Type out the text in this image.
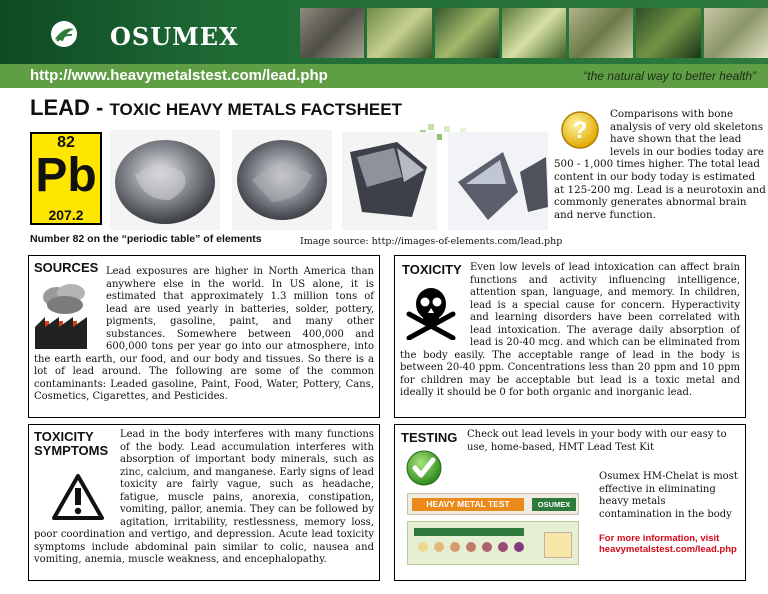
OSUMEX
http://www.heavymetalstest.com/lead.php	“the natural way to better health”
LEAD - TOXIC HEAVY METALS FACTSHEET
82
Pb
207.2
Number 82 on the “periodic table” of elements	Image source: http://images-of-elements.com/lead.php
?
Comparisons with bone analysis of very old skeletons have shown that the lead levels in our bodies today are 500 - 1,000 times higher. The total lead content in our body today is estimated at 125-200 mg. Lead is a neurotoxin and commonly generates abnormal brain and nerve function.
SOURCES Lead exposures are higher in North America than anywhere else in the world. In US alone, it is estimated that approximately 1.3 million tons of lead are used yearly in batteries, solder, pottery, pigments, gasoline, paint, and many other substances. Somewhere between 400,000 and 600,000 tons per year go into our atmosphere, into the earth earth, our food, and our body and tissues. So there is a lot of lead around. The following are some of the common contaminants: Leaded gasoline, Paint, Food, Water, Pottery, Cans, Cosmetics, Cigarettes, and Pesticides.
TOXICITY Even low levels of lead intoxication can affect brain functions and activity influencing intelligence, attention span, language, and memory. In children, lead is a special cause for concern. Hyperactivity and learning disorders have been correlated with lead intoxication. The average daily absorption of lead is 20-40 mcg. and which can be eliminated from the body easily. The acceptable range of lead in the body is between 20-40 ppm. Concentrations less than 20 ppm and 10 ppm for children may be acceptable but lead is a toxic metal and ideally it should be 0 for both organic and inorganic lead.
TOXICITY SYMPTOMS
Lead in the body interferes with many functions of the body. Lead accumulation interferes with absorption of important body minerals, such as zinc, calcium, and manganese. Early signs of lead toxicity are fairly vague, such as headache, fatigue, muscle pains, anorexia, constipation, vomiting, pallor, anemia. They can be followed by agitation, irritability, restlessness, memory loss, poor coordination and vertigo, and depression. Acute lead toxicity symptoms include abdominal pain similar to colic, nausea and vomiting, anemia, muscle weakness, and encephalopathy.
TESTING Check out lead levels in your body with our easy to use, home-based, HMT Lead Test Kit
HEAVY METAL TEST	OSUMEX
Osumex HM-Chelat is most effective in eliminating heavy metals contamination in the body
For more information, visit heavymetalstest.com/lead.php
